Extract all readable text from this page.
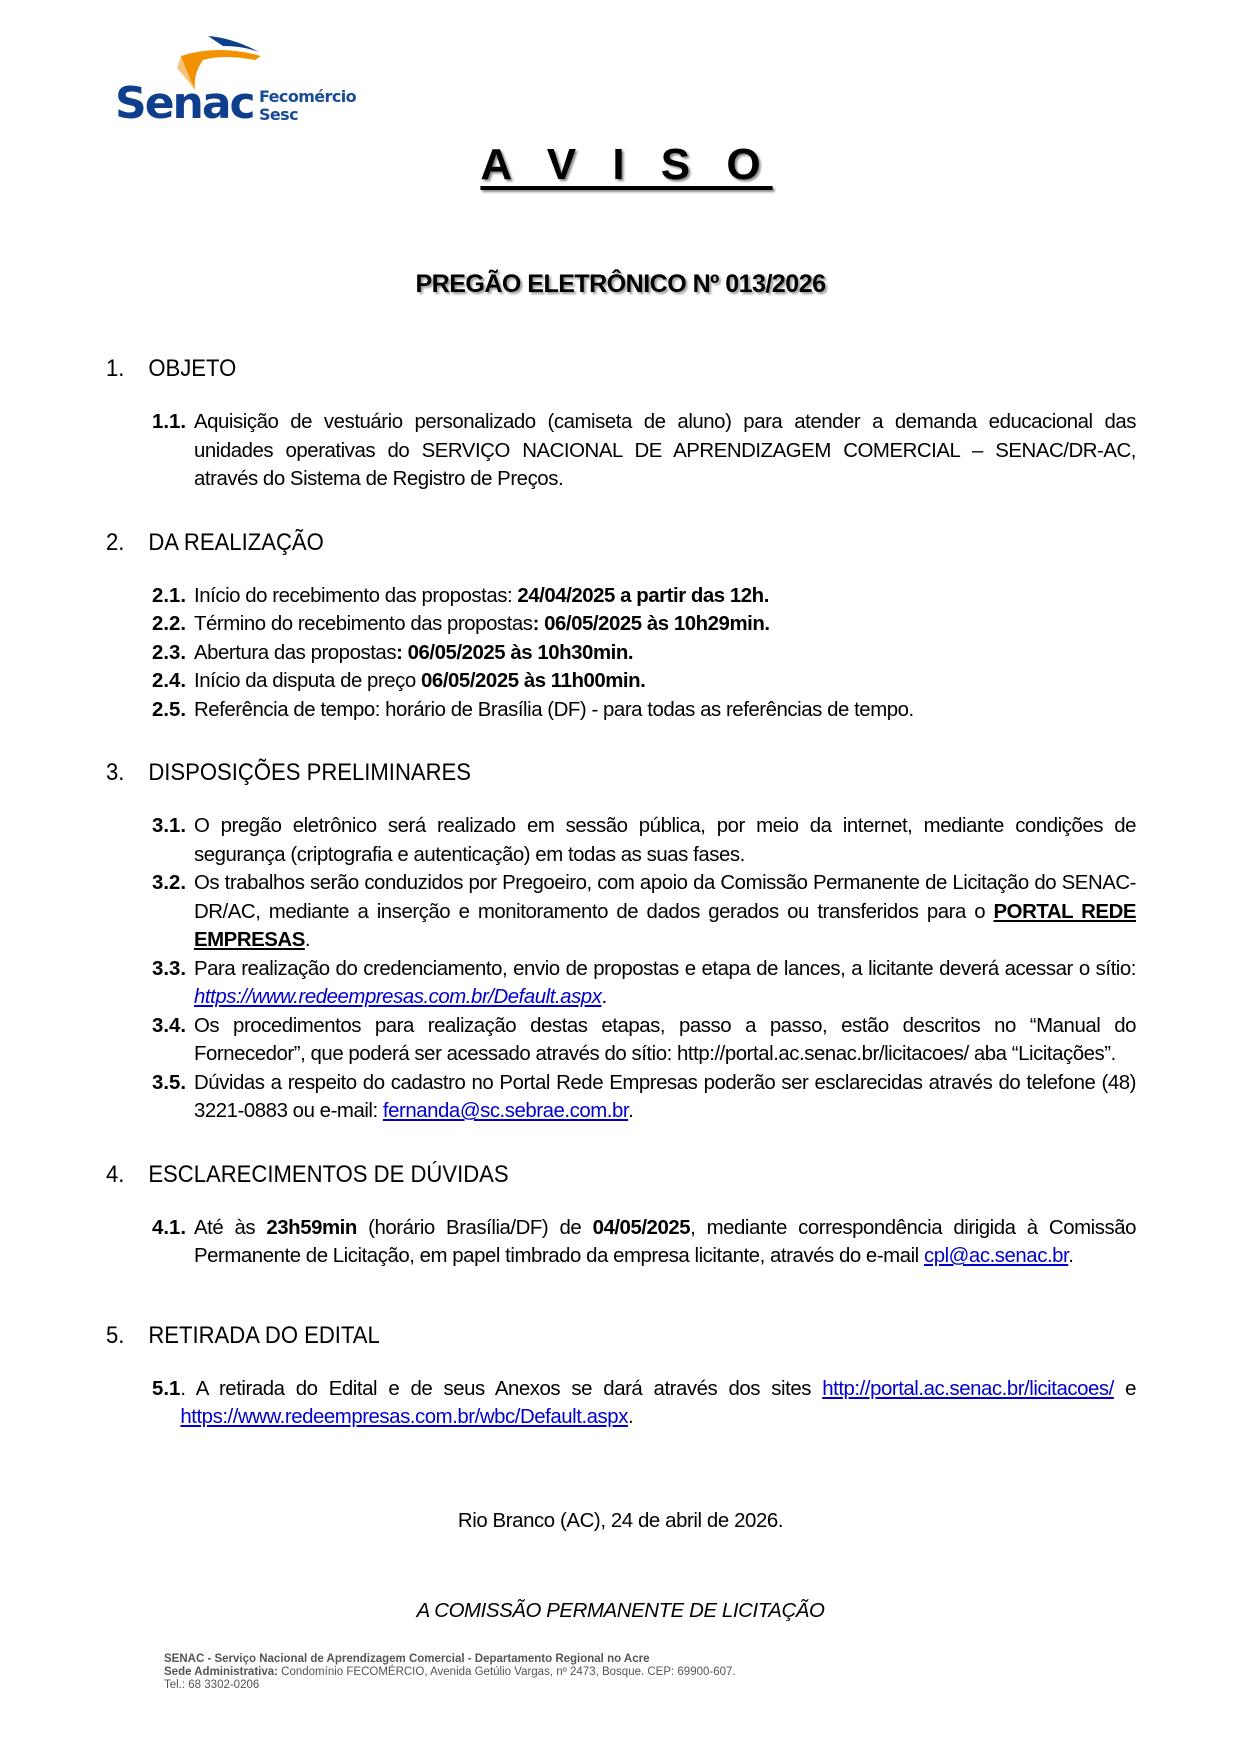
Senac Fecomércio
Sesc
A V I S O
PREGÃO ELETRÔNICO Nº 013/2026
1. OBJETO
1.1. Aquisição de vestuário personalizado (camiseta de aluno) para atender a demanda educacional das unidades operativas do SERVIÇO NACIONAL DE APRENDIZAGEM COMERCIAL – SENAC/DR-AC, através do Sistema de Registro de Preços.
2. DA REALIZAÇÃO
2.1. Início do recebimento das propostas: 24/04/2025 a partir das 12h.
2.2. Término do recebimento das propostas: 06/05/2025 às 10h29min.
2.3. Abertura das propostas: 06/05/2025 às 10h30min.
2.4. Início da disputa de preço 06/05/2025 às 11h00min.
2.5. Referência de tempo: horário de Brasília (DF) - para todas as referências de tempo.
3. DISPOSIÇÕES PRELIMINARES
3.1. O pregão eletrônico será realizado em sessão pública, por meio da internet, mediante condições de segurança (criptografia e autenticação) em todas as suas fases.
3.2. Os trabalhos serão conduzidos por Pregoeiro, com apoio da Comissão Permanente de Licitação do SENAC-DR/AC, mediante a inserção e monitoramento de dados gerados ou transferidos para o PORTAL REDE EMPRESAS.
3.3. Para realização do credenciamento, envio de propostas e etapa de lances, a licitante deverá acessar o sítio: https://www.redeempresas.com.br/Default.aspx.
3.4. Os procedimentos para realização destas etapas, passo a passo, estão descritos no “Manual do Fornecedor”, que poderá ser acessado através do sítio: http://portal.ac.senac.br/licitacoes/ aba “Licitações”.
3.5. Dúvidas a respeito do cadastro no Portal Rede Empresas poderão ser esclarecidas através do telefone (48) 3221-0883 ou e-mail: fernanda@sc.sebrae.com.br.
4. ESCLARECIMENTOS DE DÚVIDAS
4.1. Até às 23h59min (horário Brasília/DF) de 04/05/2025, mediante correspondência dirigida à Comissão Permanente de Licitação, em papel timbrado da empresa licitante, através do e-mail cpl@ac.senac.br.
5. RETIRADA DO EDITAL
5.1 . A retirada do Edital e de seus Anexos se dará através dos sites http://portal.ac.senac.br/licitacoes/ e https://www.redeempresas.com.br/wbc/Default.aspx.
Rio Branco (AC), 24 de abril de 2026.
A COMISSÃO PERMANENTE DE LICITAÇÃO
SENAC - Serviço Nacional de Aprendizagem Comercial - Departamento Regional no Acre
Sede Administrativa: Condomínio FECOMÉRCIO, Avenida Getúlio Vargas, nº 2473, Bosque. CEP: 69900-607.
Tel.: 68 3302-0206
